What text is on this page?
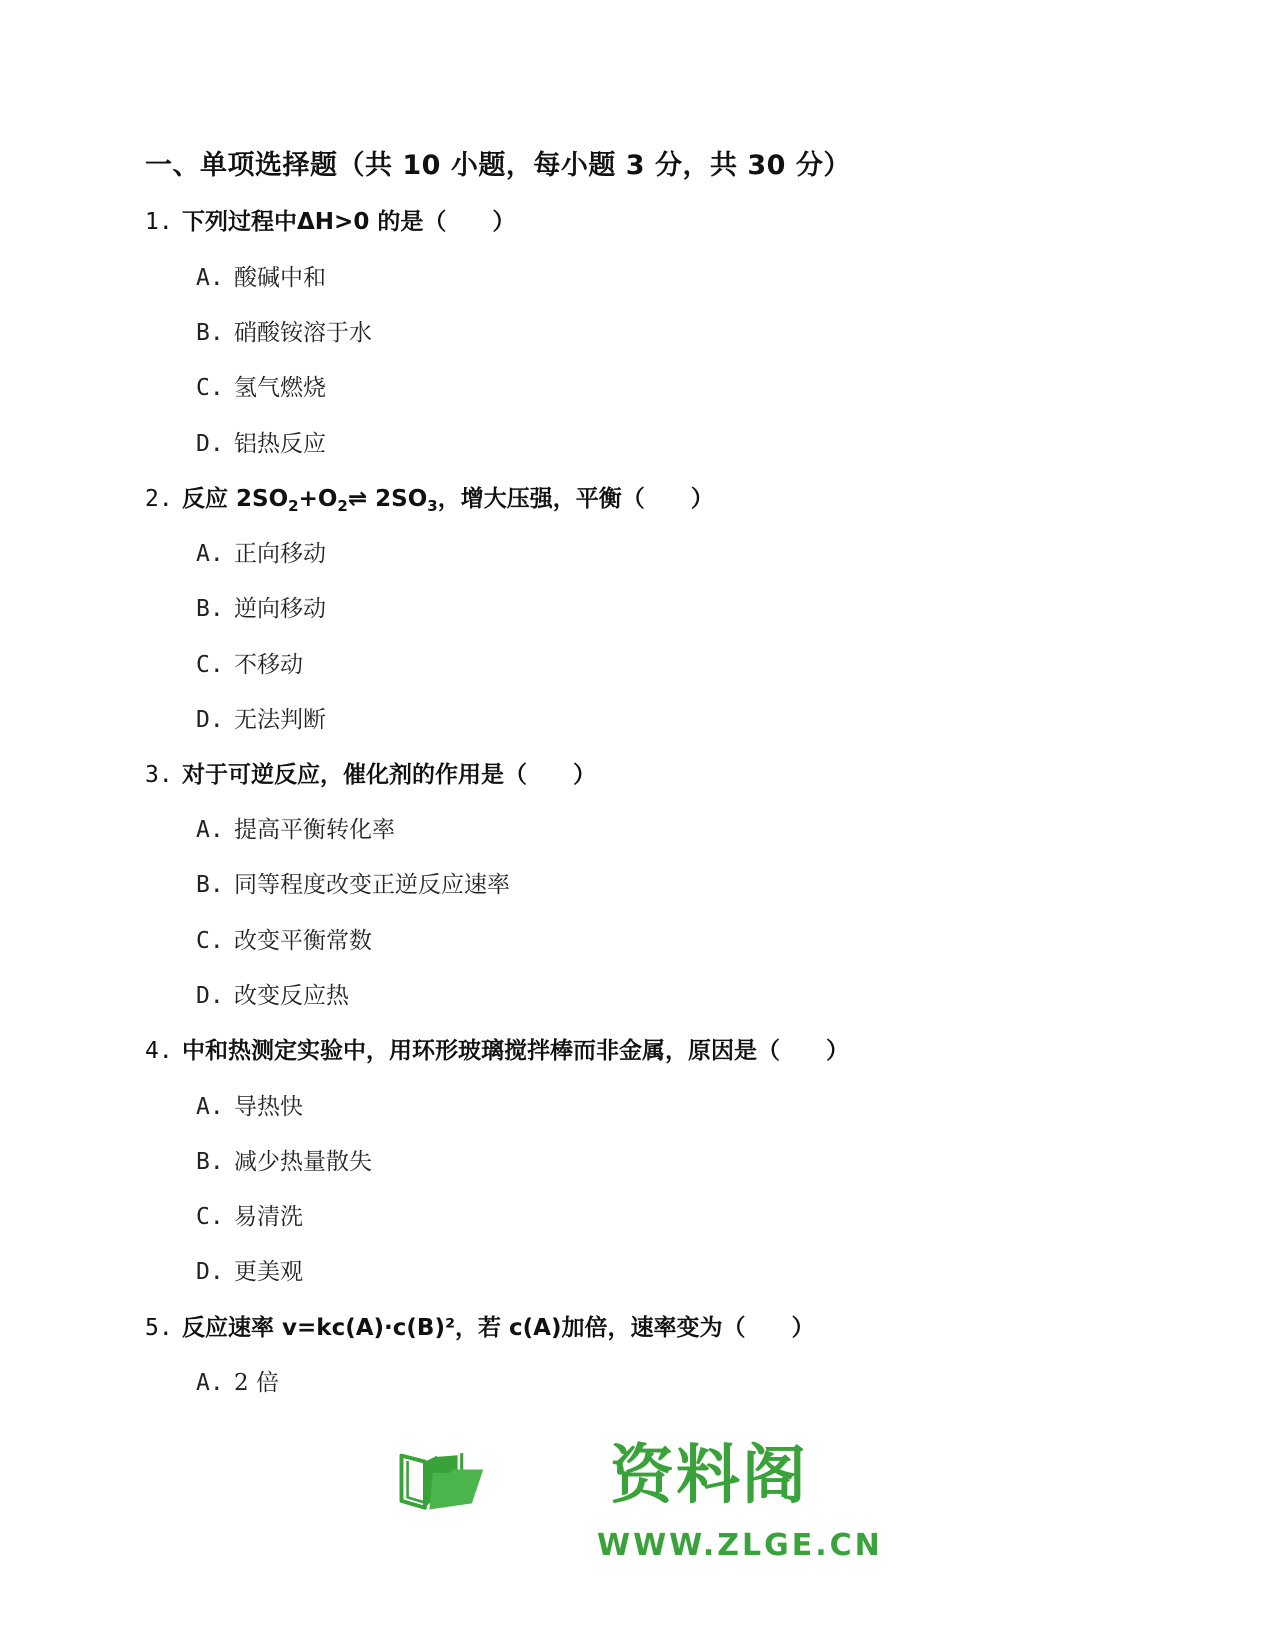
一、单项选择题（共 10 小题，每小题 3 分，共 30 分）
1. 下列过程中ΔH>0 的是（　　）
A. 酸碱中和
B. 硝酸铵溶于水
C. 氢气燃烧
D. 铝热反应
2. 反应 $2SO_2+O_2\rightleftharpoons$ $2SO_3$，增大压强，平衡（　　）
A. 正向移动
B. 逆向移动
C. 不移动
D. 无法判断
3. 对于可逆反应，催化剂的作用是（　　）
A. 提高平衡转化率
B. 同等程度改变正逆反应速率
C. 改变平衡常数
D. 改变反应热
4. 中和热测定实验中，用环形玻璃搅拌棒而非金属，原因是（　　）
A. 导热快
B. 减少热量散失
C. 易清洗
D. 更美观
5. 反应速率 v=kc(A)·c(B)²，若 c(A)加倍，速率变为（　　）
A. 2 倍
资料阁
WWW.ZLGE.CN
